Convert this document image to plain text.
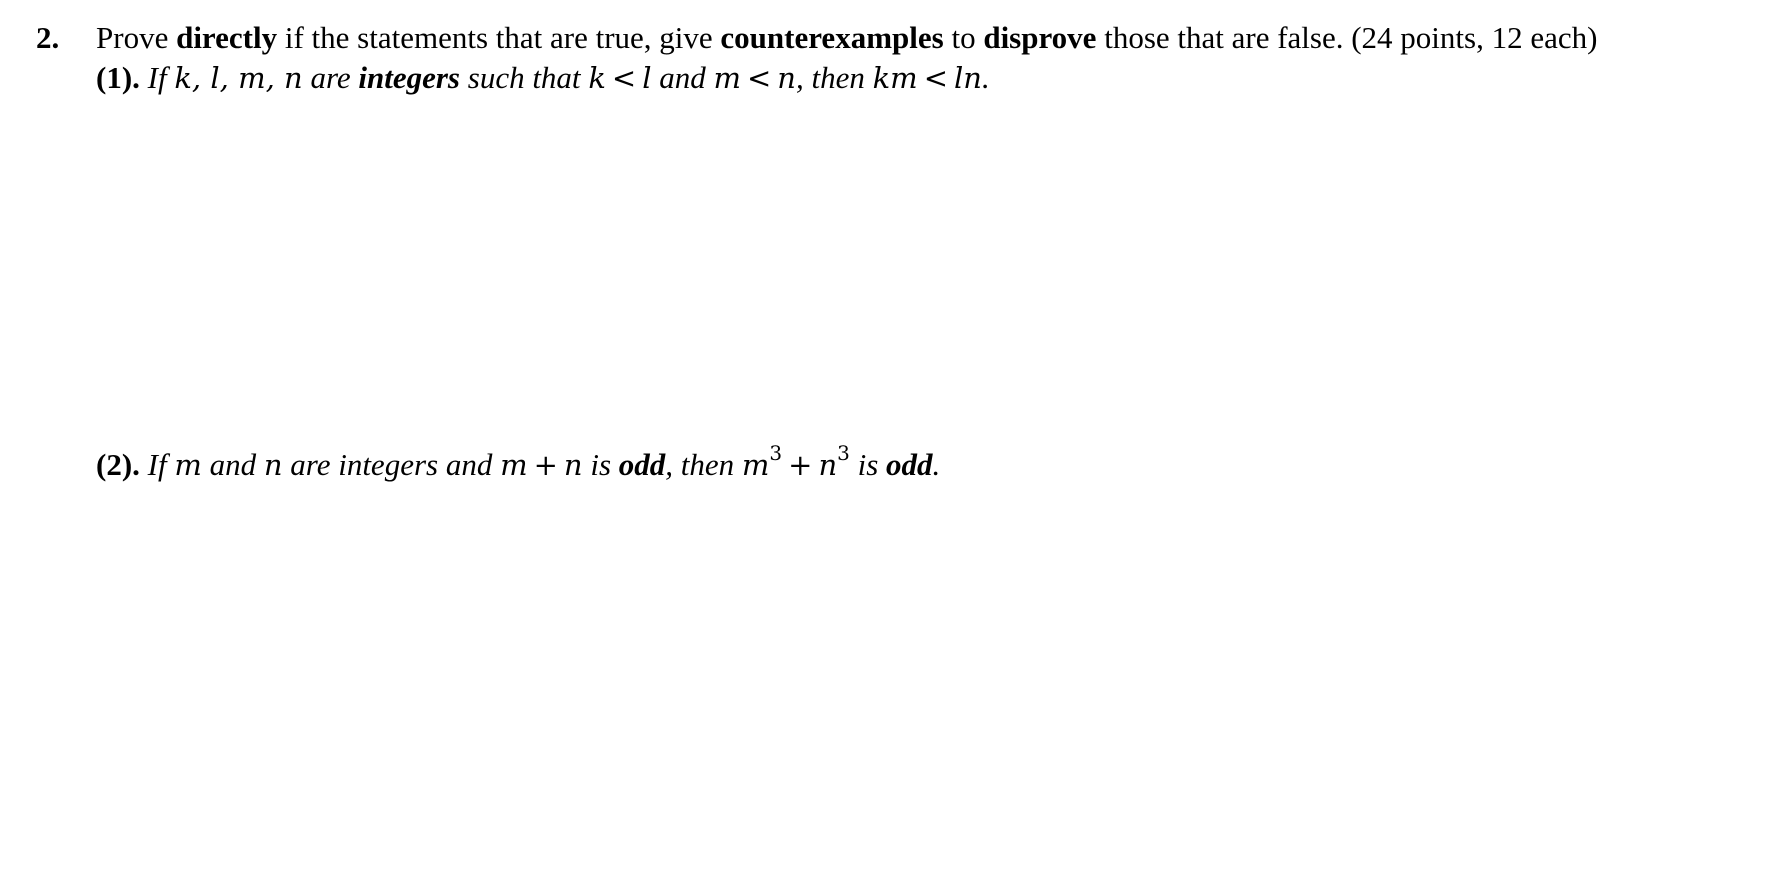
2. Prove directly if the statements that are true, give counterexamples to disprove those that are false. (24 points, 12 each)
(1). If k, l, m, n are integers such that k < l and m < n, then km < ln.
(2). If m and n are integers and m + n is odd, then $m^3 + n^3$ is odd.
